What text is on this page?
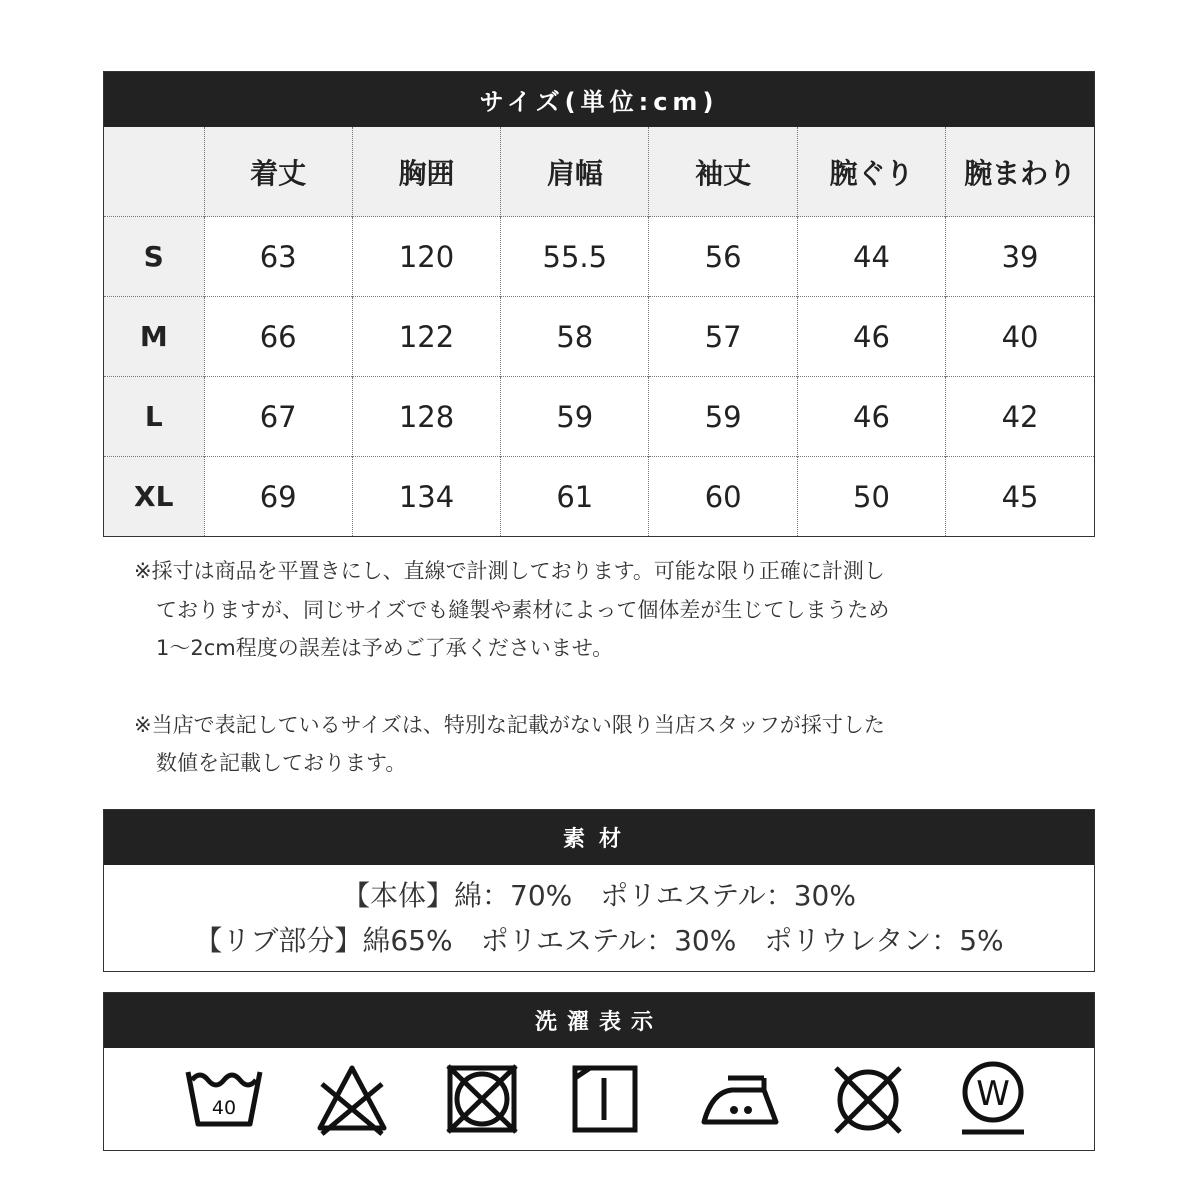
サイズ(単位:cm)
	着丈	胸囲	肩幅	袖丈	腕ぐり	腕まわり
S	63	120	55.5	56	44	39
M	66	122	58	57	46	40
L	67	128	59	59	46	42
XL	69	134	61	60	50	45

※採寸は商品を平置きにし、直線で計測しております。可能な限り正確に計測し

ておりますが、同じサイズでも縫製や素材によって個体差が生じてしまうため

1～2cm程度の誤差は予めご了承くださいませ。

※当店で表記しているサイズは、特別な記載がない限り当店スタッフが採寸した

数値を記載しております。

素材
【本体】綿：70%　ポリエステル：30%
【リブ部分】綿65%　ポリエステル：30%　ポリウレタン：5%
洗濯表示
40	W
